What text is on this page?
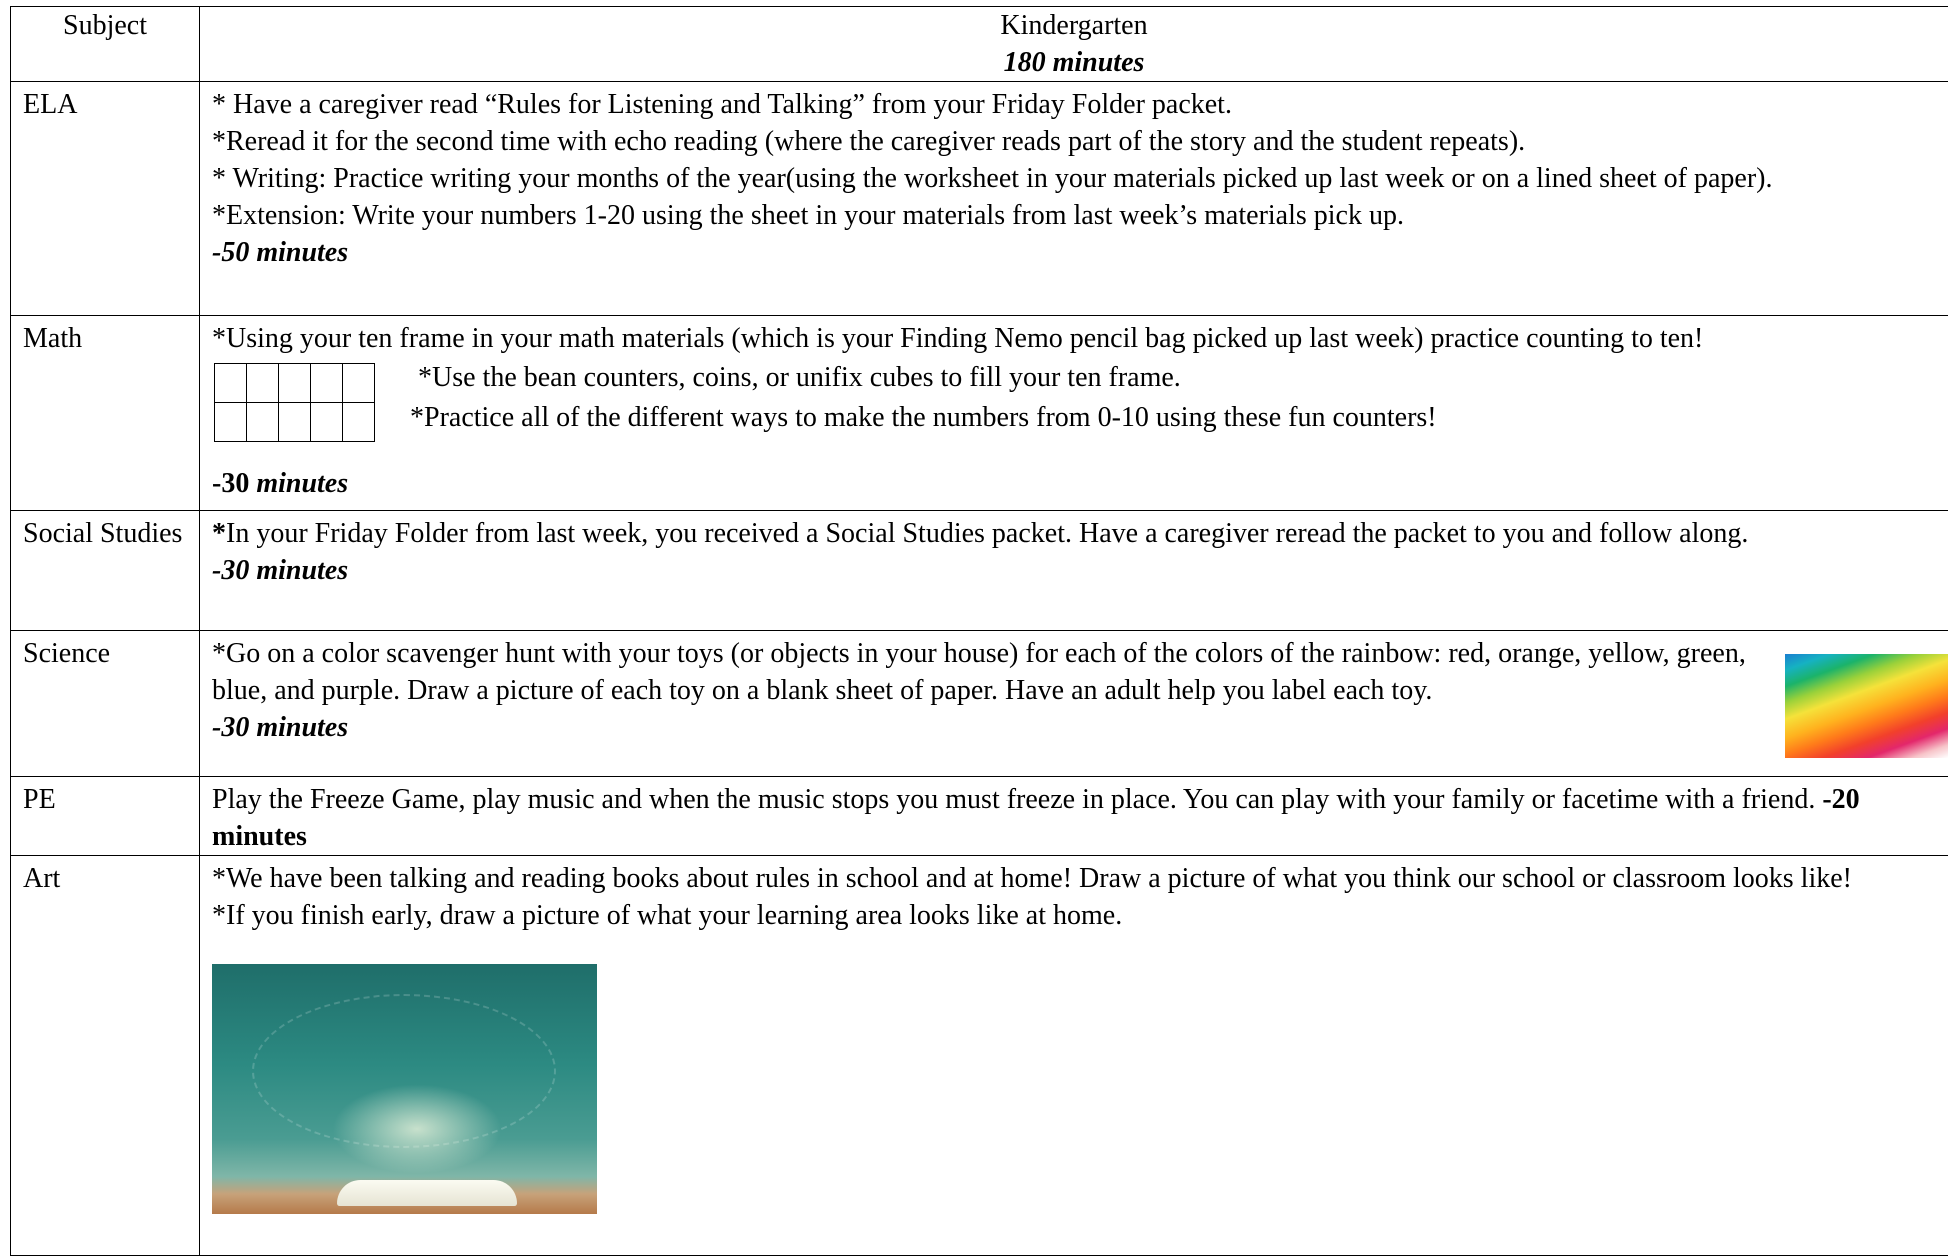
Subject	Kindergarten
180 minutes

ELA	* Have a caregiver read “Rules for Listening and Talking” from your Friday Folder packet.
*Reread it for the second time with echo reading (where the caregiver reads part of the story and the student repeats).
* Writing: Practice writing your months of the year(using the worksheet in your materials picked up last week or on a lined sheet of paper).
*Extension: Write your numbers 1-20 using the sheet in your materials from last week’s materials pick up.
-50 minutes

Math	*Using your ten frame in your math materials (which is your Finding Nemo pencil bag picked up last week) practice counting to ten!

*Use the bean counters, coins, or unifix cubes to fill your ten frame.
*Practice all of the different ways to make the numbers from 0-10 using these fun counters!
-30 minutes

Social Studies	*In your Friday Folder from last week, you received a Social Studies packet. Have a caregiver reread the packet to you and follow along.
-30 minutes

Science	*Go on a color scavenger hunt with your toys (or objects in your house) for each of the colors of the rainbow: red, orange, yellow, green, blue, and purple. Draw a picture of each toy on a blank sheet of paper. Have an adult help you label each toy.
-30 minutes

PE	Play the Freeze Game, play music and when the music stops you must freeze in place. You can play with your family or facetime with a friend. -20 minutes
Art	*We have been talking and reading books about rules in school and at home! Draw a picture of what you think our school or classroom looks like!
*If you finish early, draw a picture of what your learning area looks like at home.
